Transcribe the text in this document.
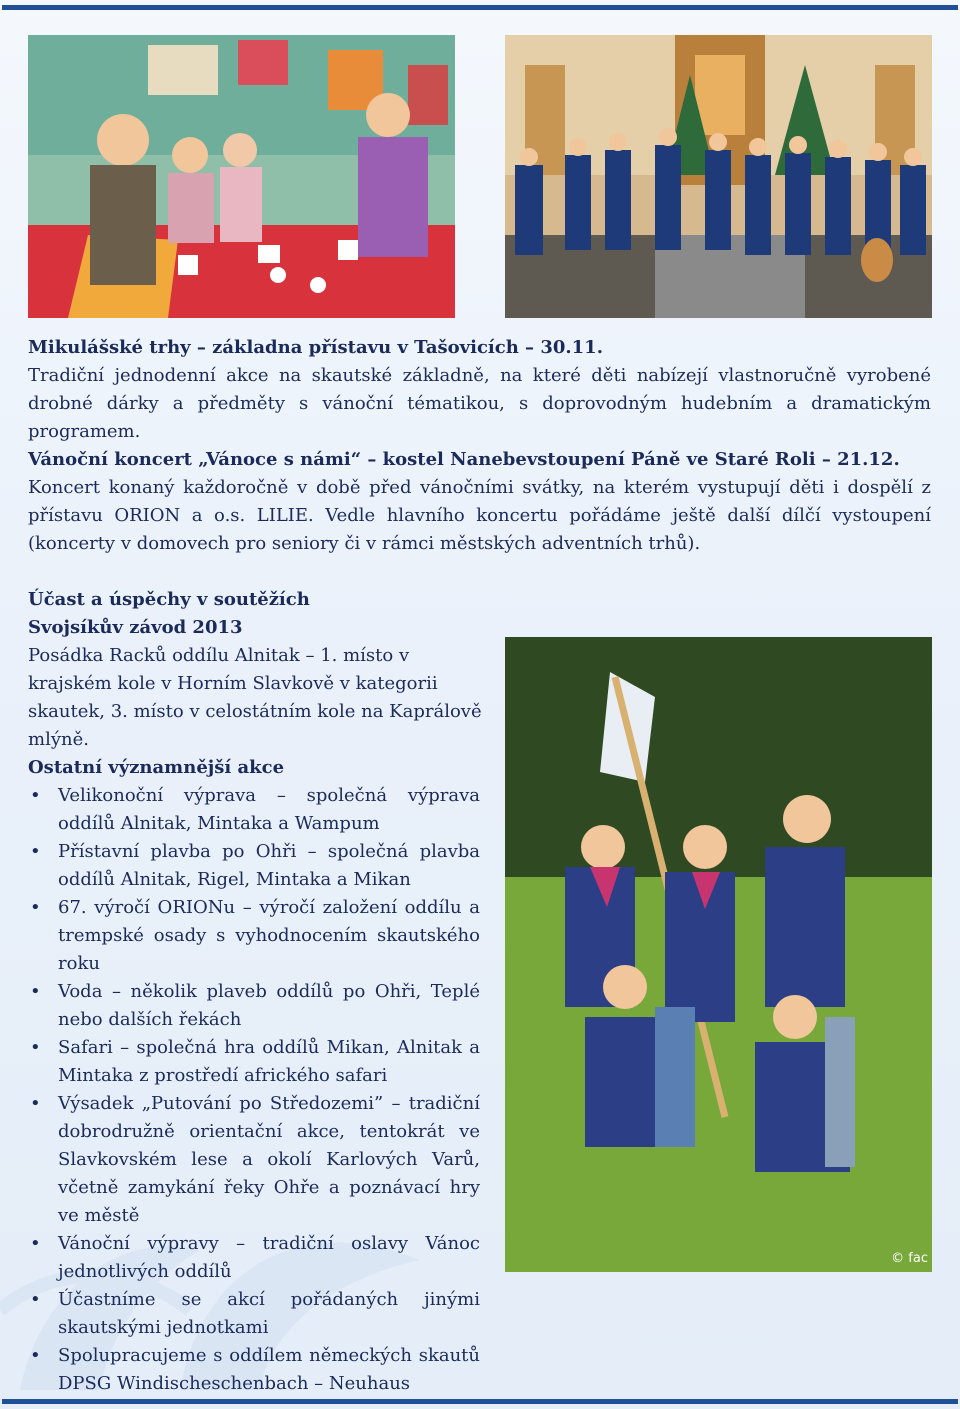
Mikulášské trhy – základna přístavu v Tašovicích – 30.11.

Tradiční jednodenní akce na skautské základně, na které děti nabízejí vlastnoručně vyrobené drobné dárky a předměty s vánoční tématikou, s doprovodným hudebním a dramatickým programem.

Vánoční koncert „Vánoce s námi“ – kostel Nanebevstoupení Páně ve Staré Roli – 21.12.

Koncert konaný každoročně v době před vánočními svátky, na kterém vystupují děti i dospělí z přístavu ORION a o.s. LILIE. Vedle hlavního koncertu pořádáme ještě další dílčí vystoupení (koncerty v domovech pro seniory či v rámci městských adventních trhů).

Účast a úspěchy v soutěžích
Svojsíkův závod 2013

Posádka Racků oddílu Alnitak – 1. místo v krajském kole v Horním Slavkově v kategorii skautek, 3. místo v celostátním kole na Kaprálově mlýně.

© fac
Ostatní významnější akce
• Velikonoční výprava – společná výprava oddílů Alnitak, Mintaka a Wampum
• Přístavní plavba po Ohři – společná plavba oddílů Alnitak, Rigel, Mintaka a Mikan
• 67. výročí ORIONu – výročí založení oddílu a trempské osady s vyhodnocením skautského roku
• Voda – několik plaveb oddílů po Ohři, Teplé nebo dalších řekách
• Safari – společná hra oddílů Mikan, Alnitak a Mintaka z prostředí afrického safari
• Výsadek „Putování po Středozemi” – tradiční dobrodružně orientační akce, tentokrát ve Slavkovském lese a okolí Karlových Varů, včetně zamykání řeky Ohře a poznávací hry ve městě
• Vánoční výpravy – tradiční oslavy Vánoc jednotlivých oddílů
• Účastníme se akcí pořádaných jinými skautskými jednotkami
• Spolupracujeme s oddílem německých skautů DPSG Windischeschenbach – Neuhaus
